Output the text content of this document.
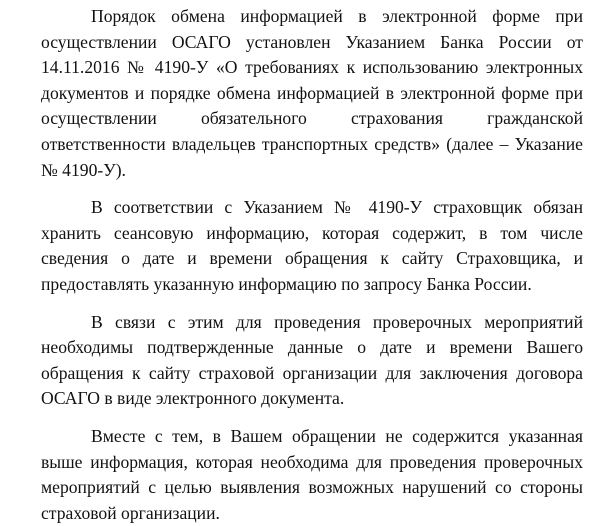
Порядок обмена информацией в электронной форме при осуществлении ОСАГО установлен Указанием Банка России от 14.11.2016 № 4190-У «О требованиях к использованию электронных документов и порядке обмена информацией в электронной форме при осуществлении обязательного страхования гражданской ответственности владельцев транспортных средств» (далее – Указание № 4190-У).

В соответствии с Указанием № 4190-У страховщик обязан хранить сеансовую информацию, которая содержит, в том числе сведения о дате и времени обращения к сайту Страховщика, и предоставлять указанную информацию по запросу Банка России.

В связи с этим для проведения проверочных мероприятий необходимы подтвержденные данные о дате и времени Вашего обращения к сайту страховой организации для заключения договора ОСАГО в виде электронного документа.

Вместе с тем, в Вашем обращении не содержится указанная выше информация, которая необходима для проведения проверочных мероприятий с целью выявления возможных нарушений со стороны страховой организации.
